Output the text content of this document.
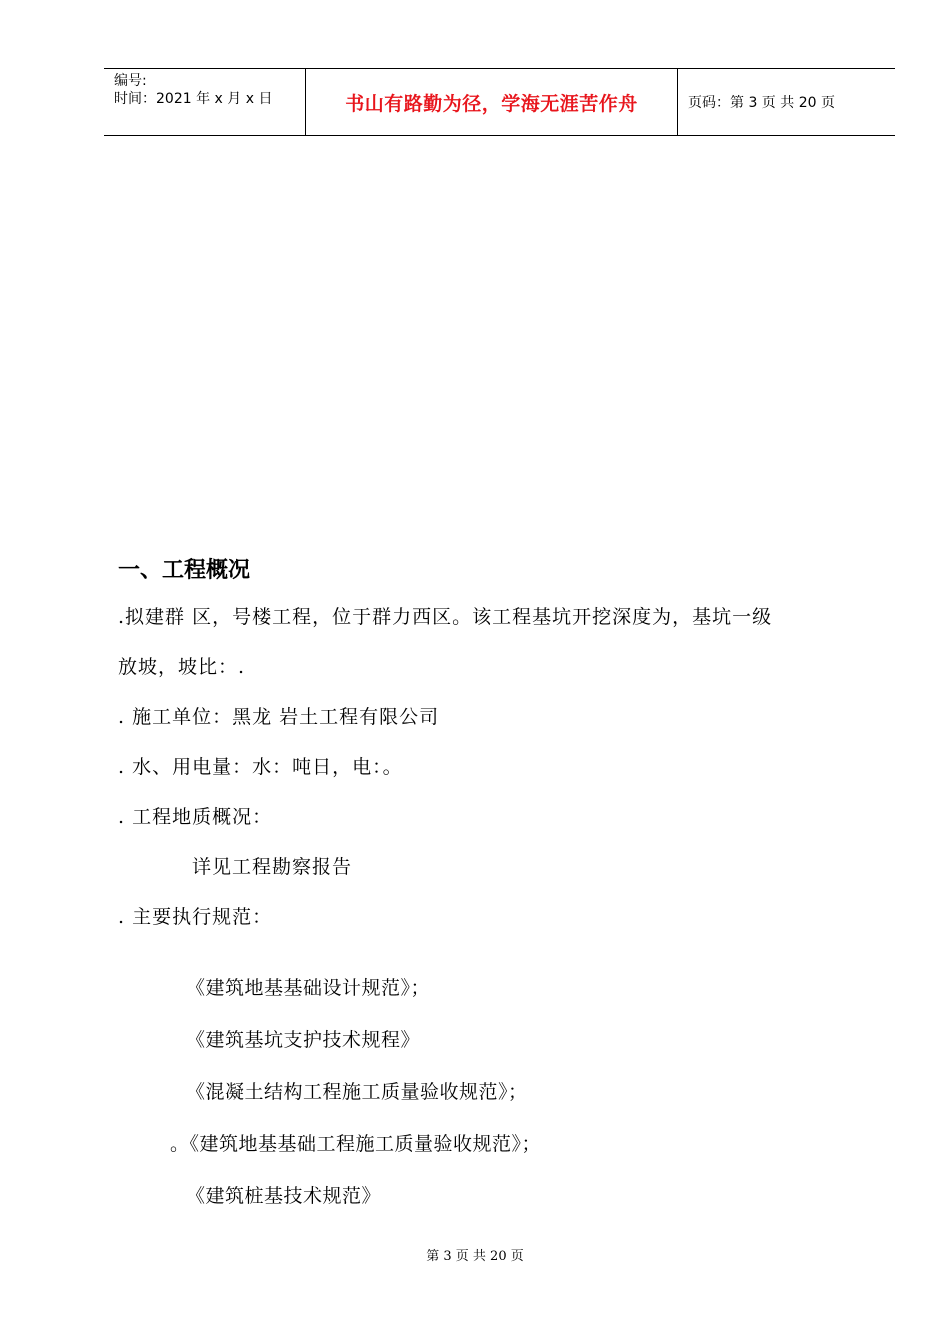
编号:
时间：2021 年 x 月 x 日	书山有路勤为径，学海无涯苦作舟	页码：第 3 页 共 20 页
一、工程概况

.拟建群 区，号楼工程，位于群力西区。该工程基坑开挖深度为，基坑一级

放坡，坡比：.

. 施工单位：黑龙 岩土工程有限公司

. 水、用电量：水：吨日，电：。

. 工程地质概况：

详见工程勘察报告

. 主要执行规范：

《建筑地基基础设计规范》；
《建筑基坑支护技术规程》
《混凝土结构工程施工质量验收规范》；
。《建筑地基基础工程施工质量验收规范》；
《建筑桩基技术规范》
第 3 页 共 20 页
